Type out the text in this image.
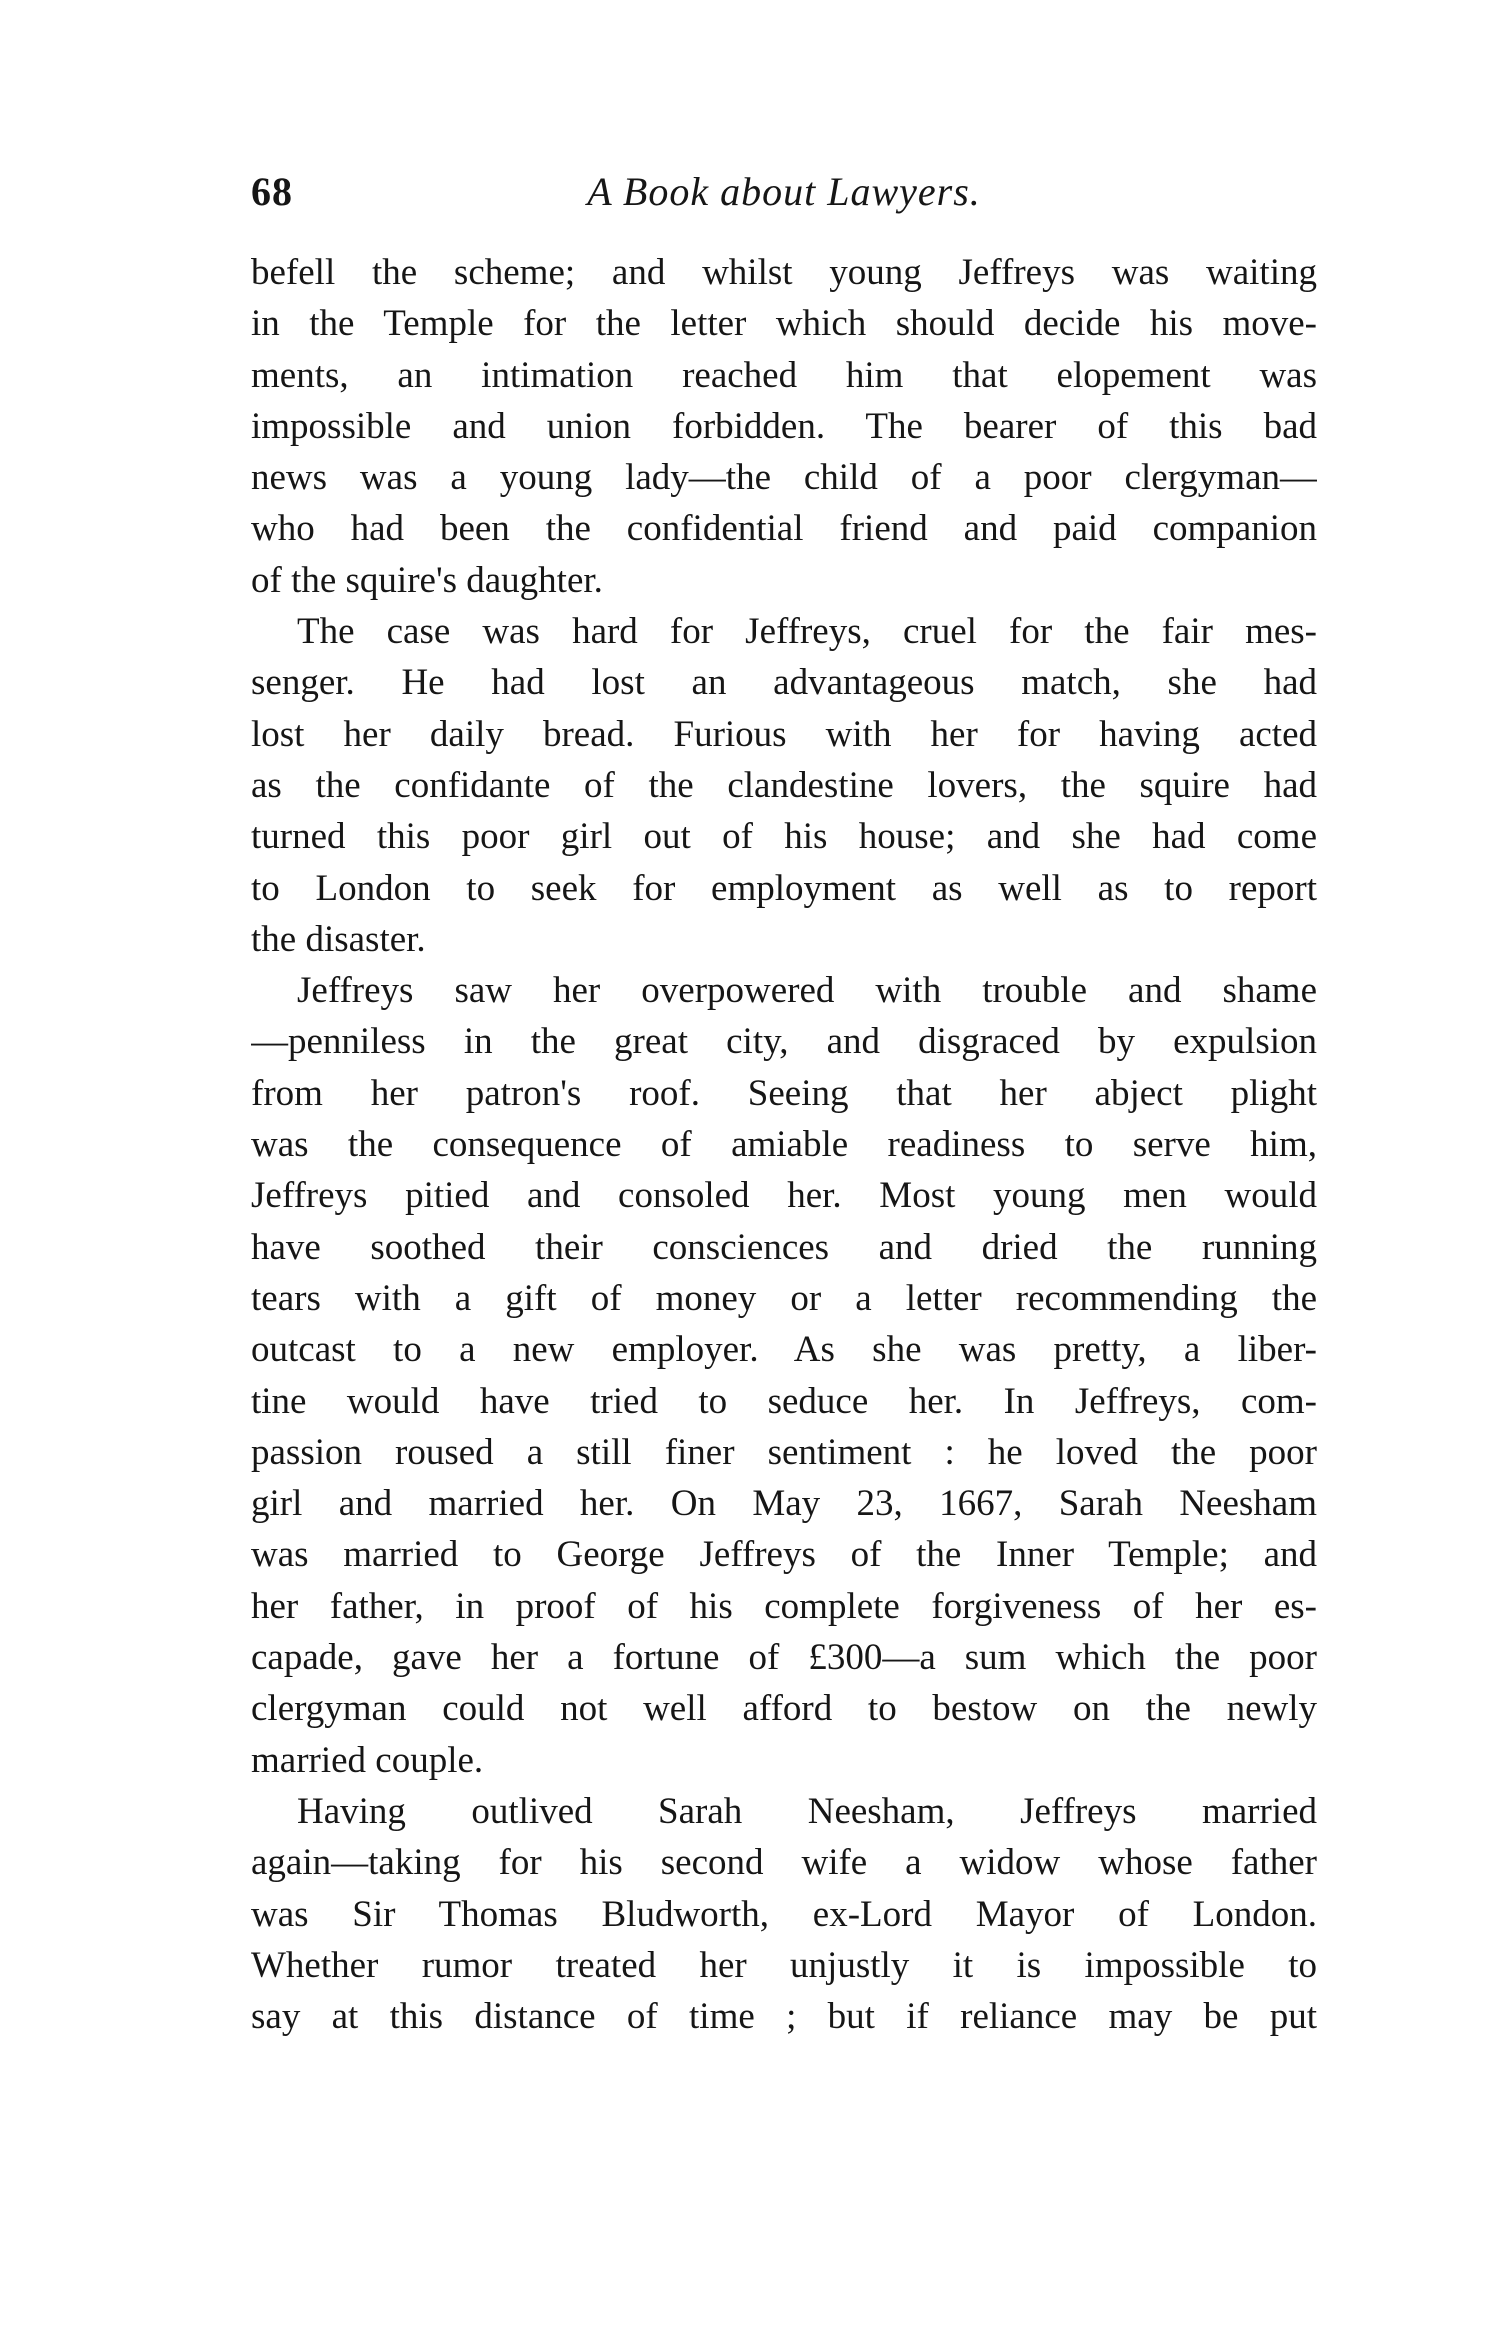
68	A Book about Lawyers.
befell the scheme; and whilst young Jeffreys was waiting
in the Temple for the letter which should decide his move-
ments, an intimation reached him that elopement was
impossible and union forbidden. The bearer of this bad
news was a young lady—the child of a poor clergyman—
who had been the confidential friend and paid companion
of the squire's daughter.
The case was hard for Jeffreys, cruel for the fair mes-
senger. He had lost an advantageous match, she had
lost her daily bread. Furious with her for having acted
as the confidante of the clandestine lovers, the squire had
turned this poor girl out of his house; and she had come
to London to seek for employment as well as to report
the disaster.
Jeffreys saw her overpowered with trouble and shame
—penniless in the great city, and disgraced by expulsion
from her patron's roof. Seeing that her abject plight
was the consequence of amiable readiness to serve him,
Jeffreys pitied and consoled her. Most young men would
have soothed their consciences and dried the running
tears with a gift of money or a letter recommending the
outcast to a new employer. As she was pretty, a liber-
tine would have tried to seduce her. In Jeffreys, com-
passion roused a still finer sentiment : he loved the poor
girl and married her. On May 23, 1667, Sarah Neesham
was married to George Jeffreys of the Inner Temple; and
her father, in proof of his complete forgiveness of her es-
capade, gave her a fortune of £300—a sum which the poor
clergyman could not well afford to bestow on the newly
married couple.
Having outlived Sarah Neesham, Jeffreys married
again—taking for his second wife a widow whose father
was Sir Thomas Bludworth, ex-Lord Mayor of London.
Whether rumor treated her unjustly it is impossible to
say at this distance of time ; but if reliance may be put
